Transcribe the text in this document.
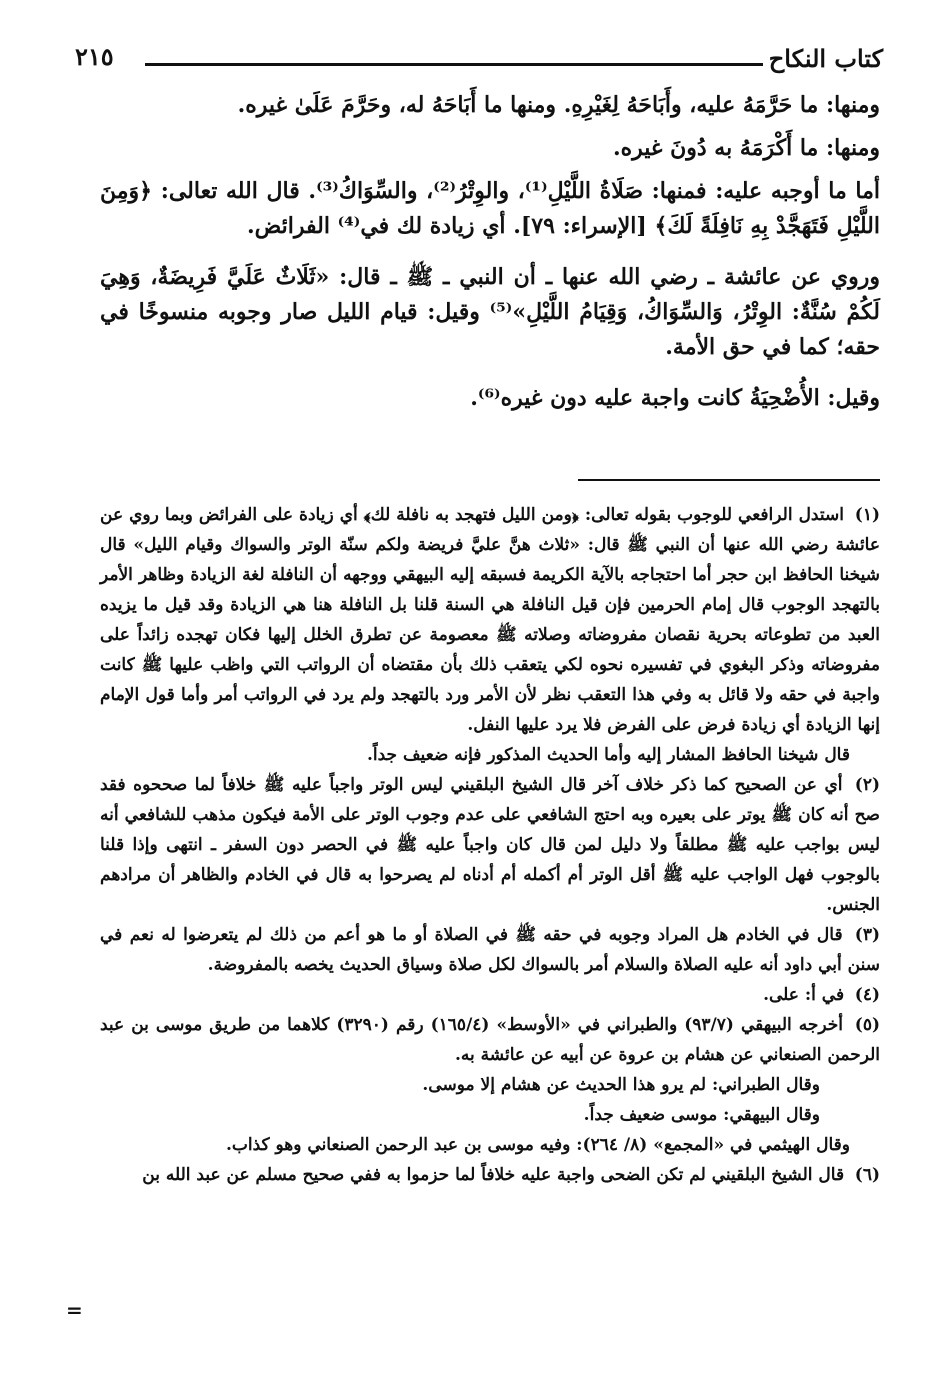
كتاب النكاح
٢١٥

ومنها: ما حَرَّمَهُ عليه، وأَبَاحَهُ لِغَيْرِهِ. ومنها ما أَبَاحَهُ له، وحَرَّمَ عَلَىٰ غيره.

ومنها: ما أَكْرَمَهُ به دُونَ غيره.

أما ما أوجبه عليه: فمنها: صَلَاةُ اللَّيْلِ⁽¹⁾، والوِتْرُ⁽²⁾، والسِّوَاكُ⁽³⁾. قال الله تعالى: ﴿وَمِنَ اللَّيْلِ فَتَهَجَّدْ بِهِ نَافِلَةً لَكَ﴾ [الإسراء: ٧٩]. أي زيادة لك في⁽⁴⁾ الفرائض.

وروي عن عائشة ـ رضي الله عنها ـ أن النبي ـ ﷺ ـ قال: «ثَلَاثٌ عَلَيَّ فَرِيضَةٌ، وَهِيَ لَكُمْ سُنَّةٌ: الوِتْرُ، وَالسِّوَاكُ، وَقِيَامُ اللَّيْلِ»⁽⁵⁾ وقيل: قيام الليل صار وجوبه منسوخًا في حقه؛ كما في حق الأمة.

وقيل: الأُضْحِيَةُ كانت واجبة عليه دون غيره⁽⁶⁾.

(١) استدل الرافعي للوجوب بقوله تعالى: ﴿ومن الليل فتهجد به نافلة لك﴾ أي زيادة على الفرائض وبما روي عن عائشة رضي الله عنها أن النبي ﷺ قال: «ثلاث هنَّ عليَّ فريضة ولكم سنّة الوتر والسواك وقيام الليل» قال شيخنا الحافظ ابن حجر أما احتجاجه بالآية الكريمة فسبقه إليه البيهقي ووجهه أن النافلة لغة الزيادة وظاهر الأمر بالتهجد الوجوب قال إمام الحرمين فإن قيل النافلة هي السنة قلنا بل النافلة هنا هي الزيادة وقد قيل ما يزيده العبد من تطوعاته بحرية نقصان مفروضاته وصلاته ﷺ معصومة عن تطرق الخلل إليها فكان تهجده زائداً على مفروضاته وذكر البغوي في تفسيره نحوه لكي يتعقب ذلك بأن مقتضاه أن الرواتب التي واظب عليها ﷺ كانت واجبة في حقه ولا قائل به وفي هذا التعقب نظر لأن الأمر ورد بالتهجد ولم يرد في الرواتب أمر وأما قول الإمام إنها الزيادة أي زيادة فرض على الفرض فلا يرد عليها النفل.
قال شيخنا الحافظ المشار إليه وأما الحديث المذكور فإنه ضعيف جداً.

(٢) أي عن الصحيح كما ذكر خلاف آخر قال الشيخ البلقيني ليس الوتر واجباً عليه ﷺ خلافاً لما صححوه فقد صح أنه كان ﷺ يوتر على بعيره وبه احتج الشافعي على عدم وجوب الوتر على الأمة فيكون مذهب للشافعي أنه ليس بواجب عليه ﷺ مطلقاً ولا دليل لمن قال كان واجباً عليه ﷺ في الحصر دون السفر ـ انتهى وإذا قلنا بالوجوب فهل الواجب عليه ﷺ أقل الوتر أم أكمله أم أدناه لم يصرحوا به قال في الخادم والظاهر أن مرادهم الجنس.

(٣) قال في الخادم هل المراد وجوبه في حقه ﷺ في الصلاة أو ما هو أعم من ذلك لم يتعرضوا له نعم في سنن أبي داود أنه عليه الصلاة والسلام أمر بالسواك لكل صلاة وسياق الحديث يخصه بالمفروضة.

(٤) في أ: على.

(٥) أخرجه البيهقي (٩٣/٧) والطبراني في «الأوسط» (١٦٥/٤) رقم (٣٢٩٠) كلاهما من طريق موسى بن عبد الرحمن الصنعاني عن هشام بن عروة عن أبيه عن عائشة به.
وقال الطبراني: لم يرو هذا الحديث عن هشام إلا موسى.
وقال البيهقي: موسى ضعيف جداً.
وقال الهيثمي في «المجمع» (٨/ ٢٦٤): وفيه موسى بن عبد الرحمن الصنعاني وهو كذاب.

(٦) قال الشيخ البلقيني لم تكن الضحى واجبة عليه خلافاً لما حزموا به ففي صحيح مسلم عن عبد الله بن

=
